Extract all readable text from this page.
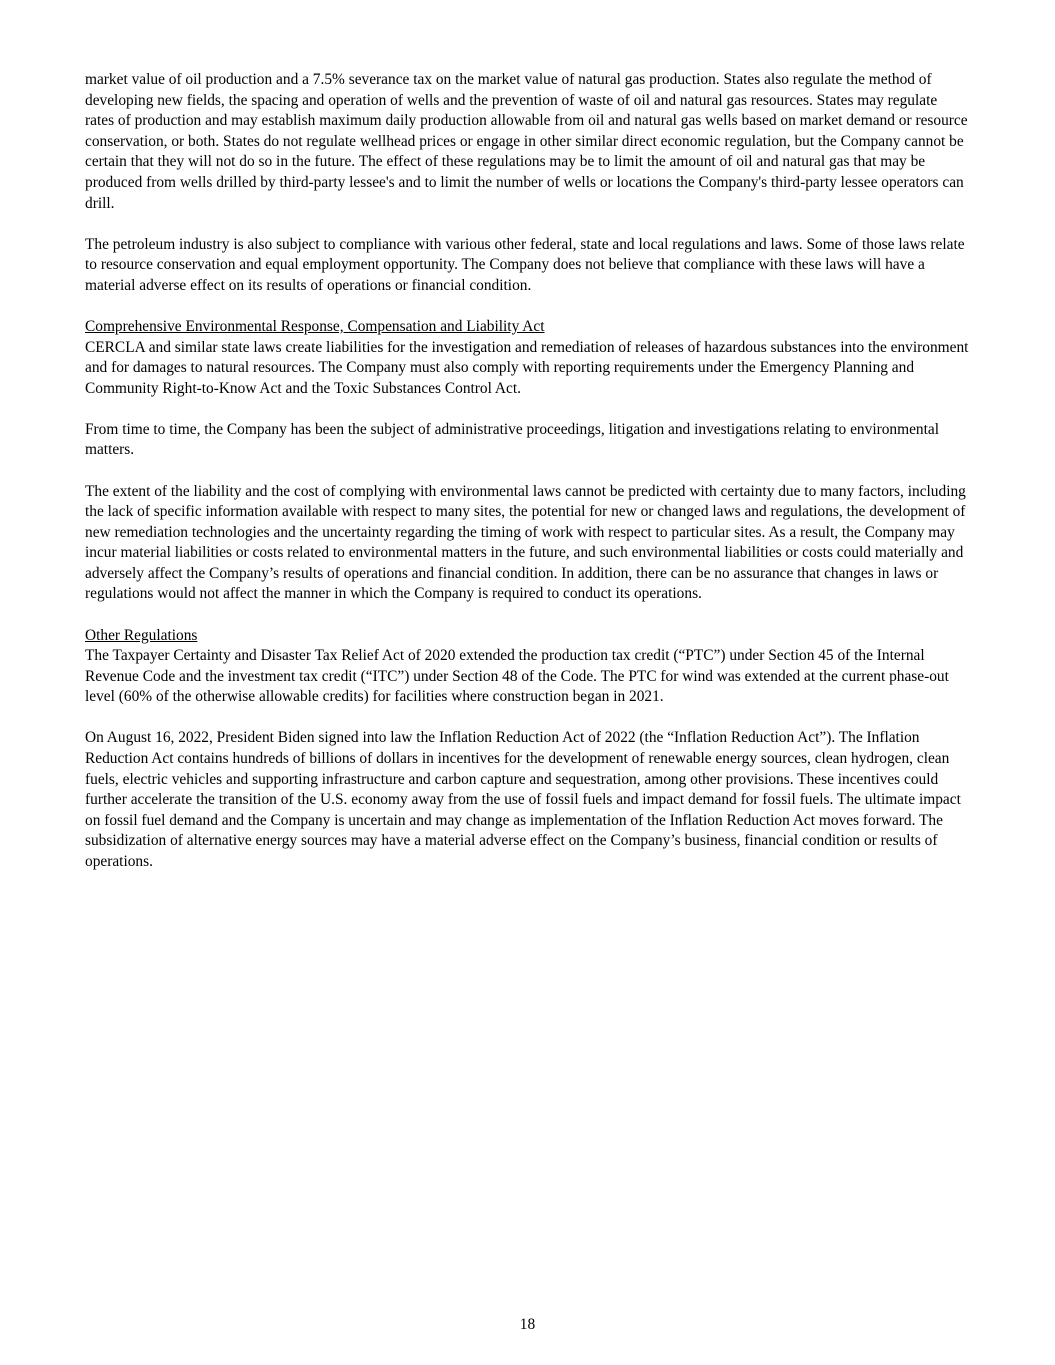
market value of oil production and a 7.5% severance tax on the market value of natural gas production. States also regulate the method of developing new fields, the spacing and operation of wells and the prevention of waste of oil and natural gas resources. States may regulate rates of production and may establish maximum daily production allowable from oil and natural gas wells based on market demand or resource conservation, or both. States do not regulate wellhead prices or engage in other similar direct economic regulation, but the Company cannot be certain that they will not do so in the future. The effect of these regulations may be to limit the amount of oil and natural gas that may be produced from wells drilled by third-party lessee's and to limit the number of wells or locations the Company's third-party lessee operators can drill.

The petroleum industry is also subject to compliance with various other federal, state and local regulations and laws. Some of those laws relate to resource conservation and equal employment opportunity. The Company does not believe that compliance with these laws will have a material adverse effect on its results of operations or financial condition.

Comprehensive Environmental Response, Compensation and Liability Act
CERCLA and similar state laws create liabilities for the investigation and remediation of releases of hazardous substances into the environment and for damages to natural resources. The Company must also comply with reporting requirements under the Emergency Planning and Community Right-to-Know Act and the Toxic Substances Control Act.

From time to time, the Company has been the subject of administrative proceedings, litigation and investigations relating to environmental matters.

The extent of the liability and the cost of complying with environmental laws cannot be predicted with certainty due to many factors, including the lack of specific information available with respect to many sites, the potential for new or changed laws and regulations, the development of new remediation technologies and the uncertainty regarding the timing of work with respect to particular sites. As a result, the Company may incur material liabilities or costs related to environmental matters in the future, and such environmental liabilities or costs could materially and adversely affect the Company’s results of operations and financial condition. In addition, there can be no assurance that changes in laws or regulations would not affect the manner in which the Company is required to conduct its operations.

Other Regulations
The Taxpayer Certainty and Disaster Tax Relief Act of 2020 extended the production tax credit (“PTC”) under Section 45 of the Internal Revenue Code and the investment tax credit (“ITC”) under Section 48 of the Code. The PTC for wind was extended at the current phase-out level (60% of the otherwise allowable credits) for facilities where construction began in 2021.

On August 16, 2022, President Biden signed into law the Inflation Reduction Act of 2022 (the “Inflation Reduction Act”). The Inflation Reduction Act contains hundreds of billions of dollars in incentives for the development of renewable energy sources, clean hydrogen, clean fuels, electric vehicles and supporting infrastructure and carbon capture and sequestration, among other provisions. These incentives could further accelerate the transition of the U.S. economy away from the use of fossil fuels and impact demand for fossil fuels. The ultimate impact on fossil fuel demand and the Company is uncertain and may change as implementation of the Inflation Reduction Act moves forward. The subsidization of alternative energy sources may have a material adverse effect on the Company’s business, financial condition or results of operations.

18
